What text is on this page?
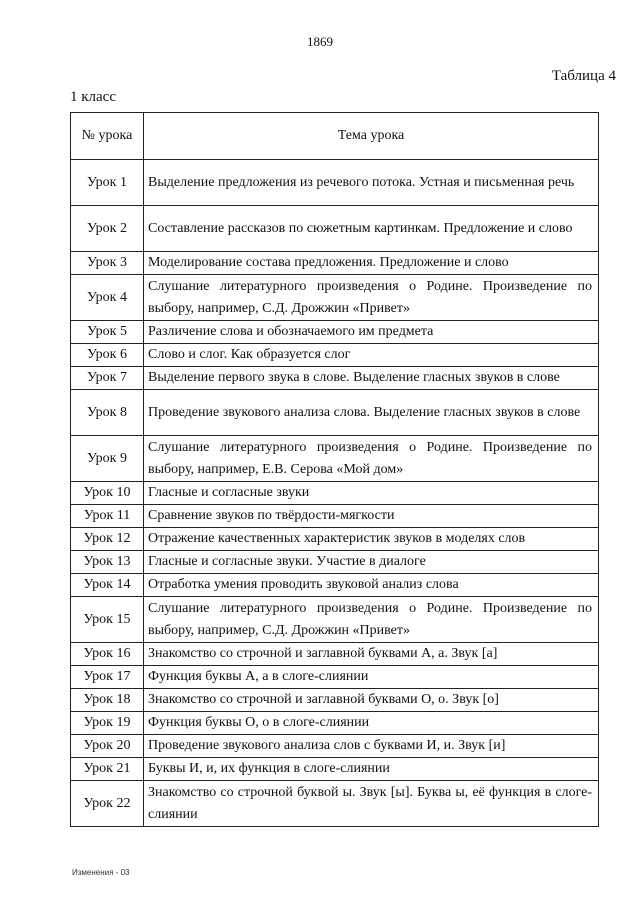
1869
Таблица 4
1 класс
№ урока	Тема урока
Урок 1	Выделение предложения из речевого потока. Устная и письменная речь
Урок 2	Составление рассказов по сюжетным картинкам. Предложение и слово
Урок 3	Моделирование состава предложения. Предложение и слово
Урок 4	Слушание литературного произведения о Родине. Произведение по выбору, например, С.Д. Дрожжин «Привет»
Урок 5	Различение слова и обозначаемого им предмета
Урок 6	Слово и слог. Как образуется слог
Урок 7	Выделение первого звука в слове. Выделение гласных звуков в слове
Урок 8	Проведение звукового анализа слова. Выделение гласных звуков в слове
Урок 9	Слушание литературного произведения о Родине. Произведение по выбору, например, Е.В. Серова «Мой дом»
Урок 10	Гласные и согласные звуки
Урок 11	Сравнение звуков по твёрдости-мягкости
Урок 12	Отражение качественных характеристик звуков в моделях слов
Урок 13	Гласные и согласные звуки. Участие в диалоге
Урок 14	Отработка умения проводить звуковой анализ слова
Урок 15	Слушание литературного произведения о Родине. Произведение по выбору, например, С.Д. Дрожжин «Привет»
Урок 16	Знакомство со строчной и заглавной буквами А, а. Звук [а]
Урок 17	Функция буквы А, а в слоге-слиянии
Урок 18	Знакомство со строчной и заглавной буквами О, о. Звук [о]
Урок 19	Функция буквы О, о в слоге-слиянии
Урок 20	Проведение звукового анализа слов с буквами И, и. Звук [и]
Урок 21	Буквы И, и, их функция в слоге-слиянии
Урок 22	Знакомство со строчной буквой ы. Звук [ы]. Буква ы, её функция в слоге-слиянии
Изменения - 03
